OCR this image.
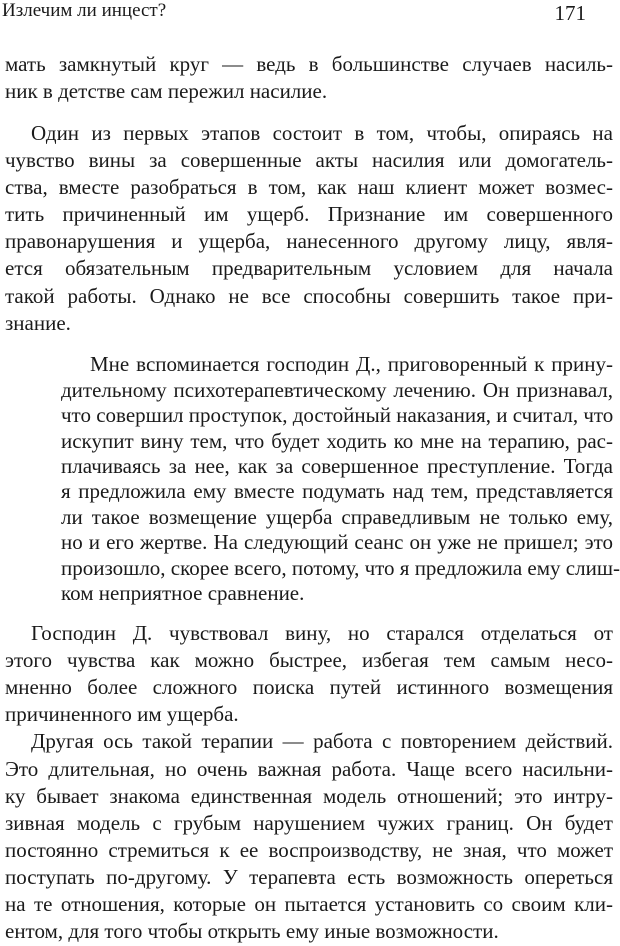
Излечим ли инцест?	171
мать замкнутый круг — ведь в большинстве случаев насиль-
ник в детстве сам пережил насилие.
Один из первых этапов состоит в том, чтобы, опираясь на
чувство вины за совершенные акты насилия или домогатель-
ства, вместе разобраться в том, как наш клиент может возмес-
тить причиненный им ущерб. Признание им совершенного
правонарушения и ущерба, нанесенного другому лицу, явля-
ется обязательным предварительным условием для начала
такой работы. Однако не все способны совершить такое при-
знание.
Мне вспоминается господин Д., приговоренный к прину-
дительному психотерапевтическому лечению. Он признавал,
что совершил проступок, достойный наказания, и считал, что
искупит вину тем, что будет ходить ко мне на терапию, рас-
плачиваясь за нее, как за совершенное преступление. Тогда
я предложила ему вместе подумать над тем, представляется
ли такое возмещение ущерба справедливым не только ему,
но и его жертве. На следующий сеанс он уже не пришел; это
произошло, скорее всего, потому, что я предложила ему слиш-
ком неприятное сравнение.
Господин Д. чувствовал вину, но старался отделаться от
этого чувства как можно быстрее, избегая тем самым несо-
мненно более сложного поиска путей истинного возмещения
причиненного им ущерба.
Другая ось такой терапии — работа с повторением действий.
Это длительная, но очень важная работа. Чаще всего насильни-
ку бывает знакома единственная модель отношений; это интру-
зивная модель с грубым нарушением чужих границ. Он будет
постоянно стремиться к ее воспроизводству, не зная, что может
поступать по-другому. У терапевта есть возможность опереться
на те отношения, которые он пытается установить со своим кли-
ентом, для того чтобы открыть ему иные возможности.
